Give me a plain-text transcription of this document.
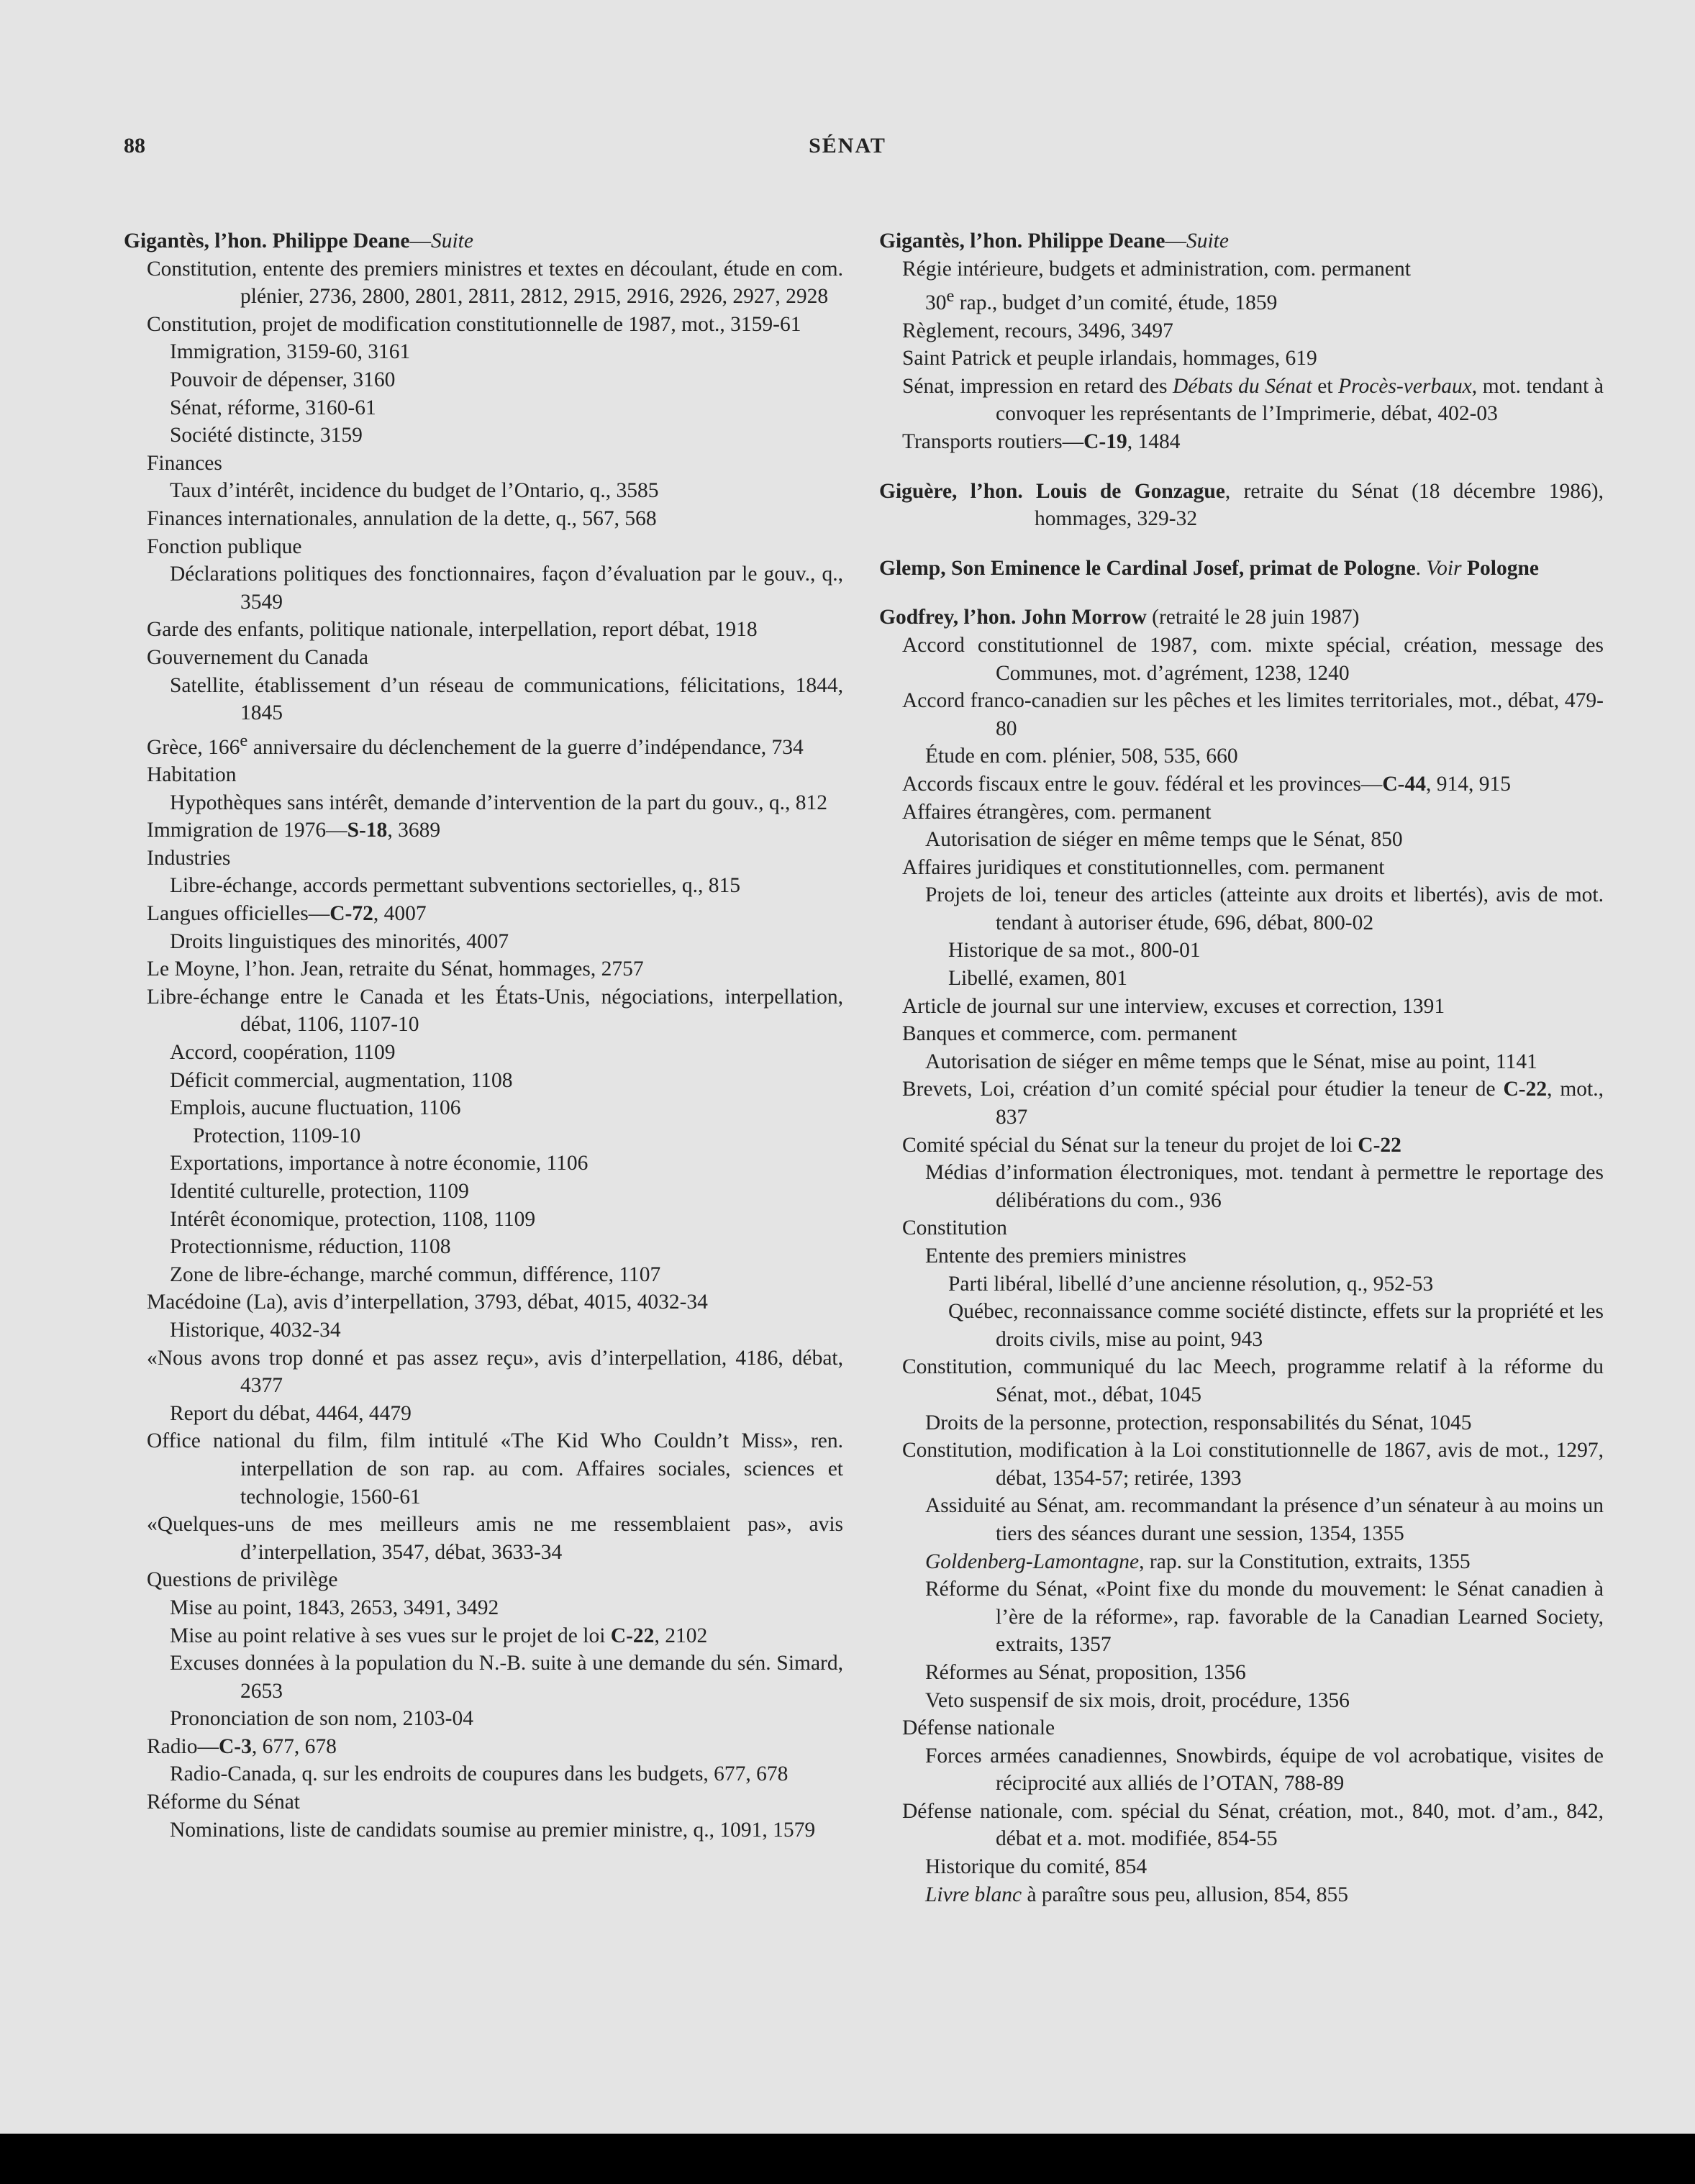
88	SÉNAT

Gigantès, l’hon. Philippe Deane—Suite

Constitution, entente des premiers ministres et textes en découlant, étude en com. plénier, 2736, 2800, 2801, 2811, 2812, 2915, 2916, 2926, 2927, 2928

Constitution, projet de modification constitutionnelle de 1987, mot., 3159-61

Immigration, 3159-60, 3161

Pouvoir de dépenser, 3160

Sénat, réforme, 3160-61

Société distincte, 3159

Finances

Taux d’intérêt, incidence du budget de l’Ontario, q., 3585

Finances internationales, annulation de la dette, q., 567, 568

Fonction publique

Déclarations politiques des fonctionnaires, façon d’évaluation par le gouv., q., 3549

Garde des enfants, politique nationale, interpellation, report débat, 1918

Gouvernement du Canada

Satellite, établissement d’un réseau de communications, félicitations, 1844, 1845

Grèce, 166e anniversaire du déclenchement de la guerre d’indépendance, 734

Habitation

Hypothèques sans intérêt, demande d’intervention de la part du gouv., q., 812

Immigration de 1976—S-18, 3689

Industries

Libre-échange, accords permettant subventions sectorielles, q., 815

Langues officielles—C-72, 4007

Droits linguistiques des minorités, 4007

Le Moyne, l’hon. Jean, retraite du Sénat, hommages, 2757

Libre-échange entre le Canada et les États-Unis, négociations, interpellation, débat, 1106, 1107-10

Accord, coopération, 1109

Déficit commercial, augmentation, 1108

Emplois, aucune fluctuation, 1106

Protection, 1109-10

Exportations, importance à notre économie, 1106

Identité culturelle, protection, 1109

Intérêt économique, protection, 1108, 1109

Protectionnisme, réduction, 1108

Zone de libre-échange, marché commun, différence, 1107

Macédoine (La), avis d’interpellation, 3793, débat, 4015, 4032-34

Historique, 4032-34

«Nous avons trop donné et pas assez reçu», avis d’interpellation, 4186, débat, 4377

Report du débat, 4464, 4479

Office national du film, film intitulé «The Kid Who Couldn’t Miss», ren. interpellation de son rap. au com. Affaires sociales, sciences et technologie, 1560-61

«Quelques-uns de mes meilleurs amis ne me ressemblaient pas», avis d’interpellation, 3547, débat, 3633-34

Questions de privilège

Mise au point, 1843, 2653, 3491, 3492

Mise au point relative à ses vues sur le projet de loi C-22, 2102

Excuses données à la population du N.-B. suite à une demande du sén. Simard, 2653

Prononciation de son nom, 2103-04

Radio—C-3, 677, 678

Radio-Canada, q. sur les endroits de coupures dans les budgets, 677, 678

Réforme du Sénat

Nominations, liste de candidats soumise au premier ministre, q., 1091, 1579

Gigantès, l’hon. Philippe Deane—Suite

Régie intérieure, budgets et administration, com. permanent

30e rap., budget d’un comité, étude, 1859

Règlement, recours, 3496, 3497

Saint Patrick et peuple irlandais, hommages, 619

Sénat, impression en retard des Débats du Sénat et Procès-verbaux, mot. tendant à convoquer les représentants de l’Imprimerie, débat, 402-03

Transports routiers—C-19, 1484

Giguère, l’hon. Louis de Gonzague, retraite du Sénat (18 décembre 1986), hommages, 329-32

Glemp, Son Eminence le Cardinal Josef, primat de Pologne. Voir Pologne

Godfrey, l’hon. John Morrow (retraité le 28 juin 1987)

Accord constitutionnel de 1987, com. mixte spécial, création, message des Communes, mot. d’agrément, 1238, 1240

Accord franco-canadien sur les pêches et les limites territoriales, mot., débat, 479-80

Étude en com. plénier, 508, 535, 660

Accords fiscaux entre le gouv. fédéral et les provinces—C-44, 914, 915

Affaires étrangères, com. permanent

Autorisation de siéger en même temps que le Sénat, 850

Affaires juridiques et constitutionnelles, com. permanent

Projets de loi, teneur des articles (atteinte aux droits et libertés), avis de mot. tendant à autoriser étude, 696, débat, 800-02

Historique de sa mot., 800-01

Libellé, examen, 801

Article de journal sur une interview, excuses et correction, 1391

Banques et commerce, com. permanent

Autorisation de siéger en même temps que le Sénat, mise au point, 1141

Brevets, Loi, création d’un comité spécial pour étudier la teneur de C-22, mot., 837

Comité spécial du Sénat sur la teneur du projet de loi C-22

Médias d’information électroniques, mot. tendant à permettre le reportage des délibérations du com., 936

Constitution

Entente des premiers ministres

Parti libéral, libellé d’une ancienne résolution, q., 952-53

Québec, reconnaissance comme société distincte, effets sur la propriété et les droits civils, mise au point, 943

Constitution, communiqué du lac Meech, programme relatif à la réforme du Sénat, mot., débat, 1045

Droits de la personne, protection, responsabilités du Sénat, 1045

Constitution, modification à la Loi constitutionnelle de 1867, avis de mot., 1297, débat, 1354-57; retirée, 1393

Assiduité au Sénat, am. recommandant la présence d’un sénateur à au moins un tiers des séances durant une session, 1354, 1355

Goldenberg-Lamontagne, rap. sur la Constitution, extraits, 1355

Réforme du Sénat, «Point fixe du monde du mouvement: le Sénat canadien à l’ère de la réforme», rap. favorable de la Canadian Learned Society, extraits, 1357

Réformes au Sénat, proposition, 1356

Veto suspensif de six mois, droit, procédure, 1356

Défense nationale

Forces armées canadiennes, Snowbirds, équipe de vol acrobatique, visites de réciprocité aux alliés de l’OTAN, 788-89

Défense nationale, com. spécial du Sénat, création, mot., 840, mot. d’am., 842, débat et a. mot. modifiée, 854-55

Historique du comité, 854

Livre blanc à paraître sous peu, allusion, 854, 855
